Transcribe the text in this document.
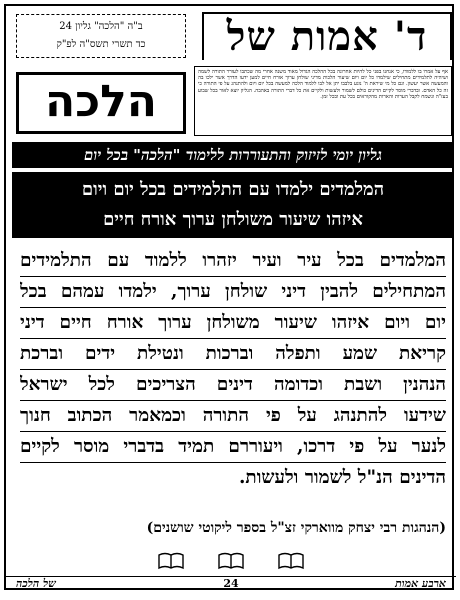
ב"ה "הלכה" גליון 24
כד תשרי תשס"ה לפ"ק	ד' אמות של
הלכה
אף על אמרו בו ללמודו, כי אנחנו בפני כל להיות אחרונה בכל ההלכה הגדול מאוד משנה אחרי מה שכתבו לעורר התורה לשמה ושיהיה לתלמידים מתחילים שילמדו כל יום ויום שיעור הלכות מדיני שולחן ערוך אורח חיים למען ידעו הדרך אשר ילכו בה והמעשה אשר יעשון. וגם כל מי שיראת ה' נוגע בלבבו יתן אל לבו ללמוד הלכה למעשה בכל יום ויום ולהתנהג על פי התורה כי זה כל האדם. ובדברי מוסר לקיים הדינים כולם לשמור ולעשות ולקיים את כל דברי התורה באהבה. הגליון יוצא לאור בכל שבוע בעז"ה ונשמח לקבל הערות והארות מהקוראים בכל עת ובכל זמן.
גליון יומי לזיזוק והתעוררות ללימוד "הלכה" בכל יום
המלמדים ילמדו עם התלמידים בכל יום ויום
איזהו שיעור משולחן ערוך אורח חיים
המלמדים בכל עיר ועיר יזהרו ללמוד עם התלמידים
המתחילים להבין דיני שולחן ערוך, ילמדו עמהם בכל
יום ויום איזהו שיעור משולחן ערוך אורח חיים דיני
קריאת שמע ותפלה וברכות ונטילת ידים וברכת
הנהנין ושבת וכדומה דינים הצריכים לכל ישראל
שידעו להתנהג על פי התורה וכמאמר הכתוב חנוך
לנער על פי דרכו, ויעוררם תמיד בדברי מוסר לקיים
הדינים הנ"ל לשמור ולעשות.
(הנהגות רבי יצחק מווארקי זצ"ל בספר ליקוטי שושנים)

של הלכה	24	ארבע אמות
